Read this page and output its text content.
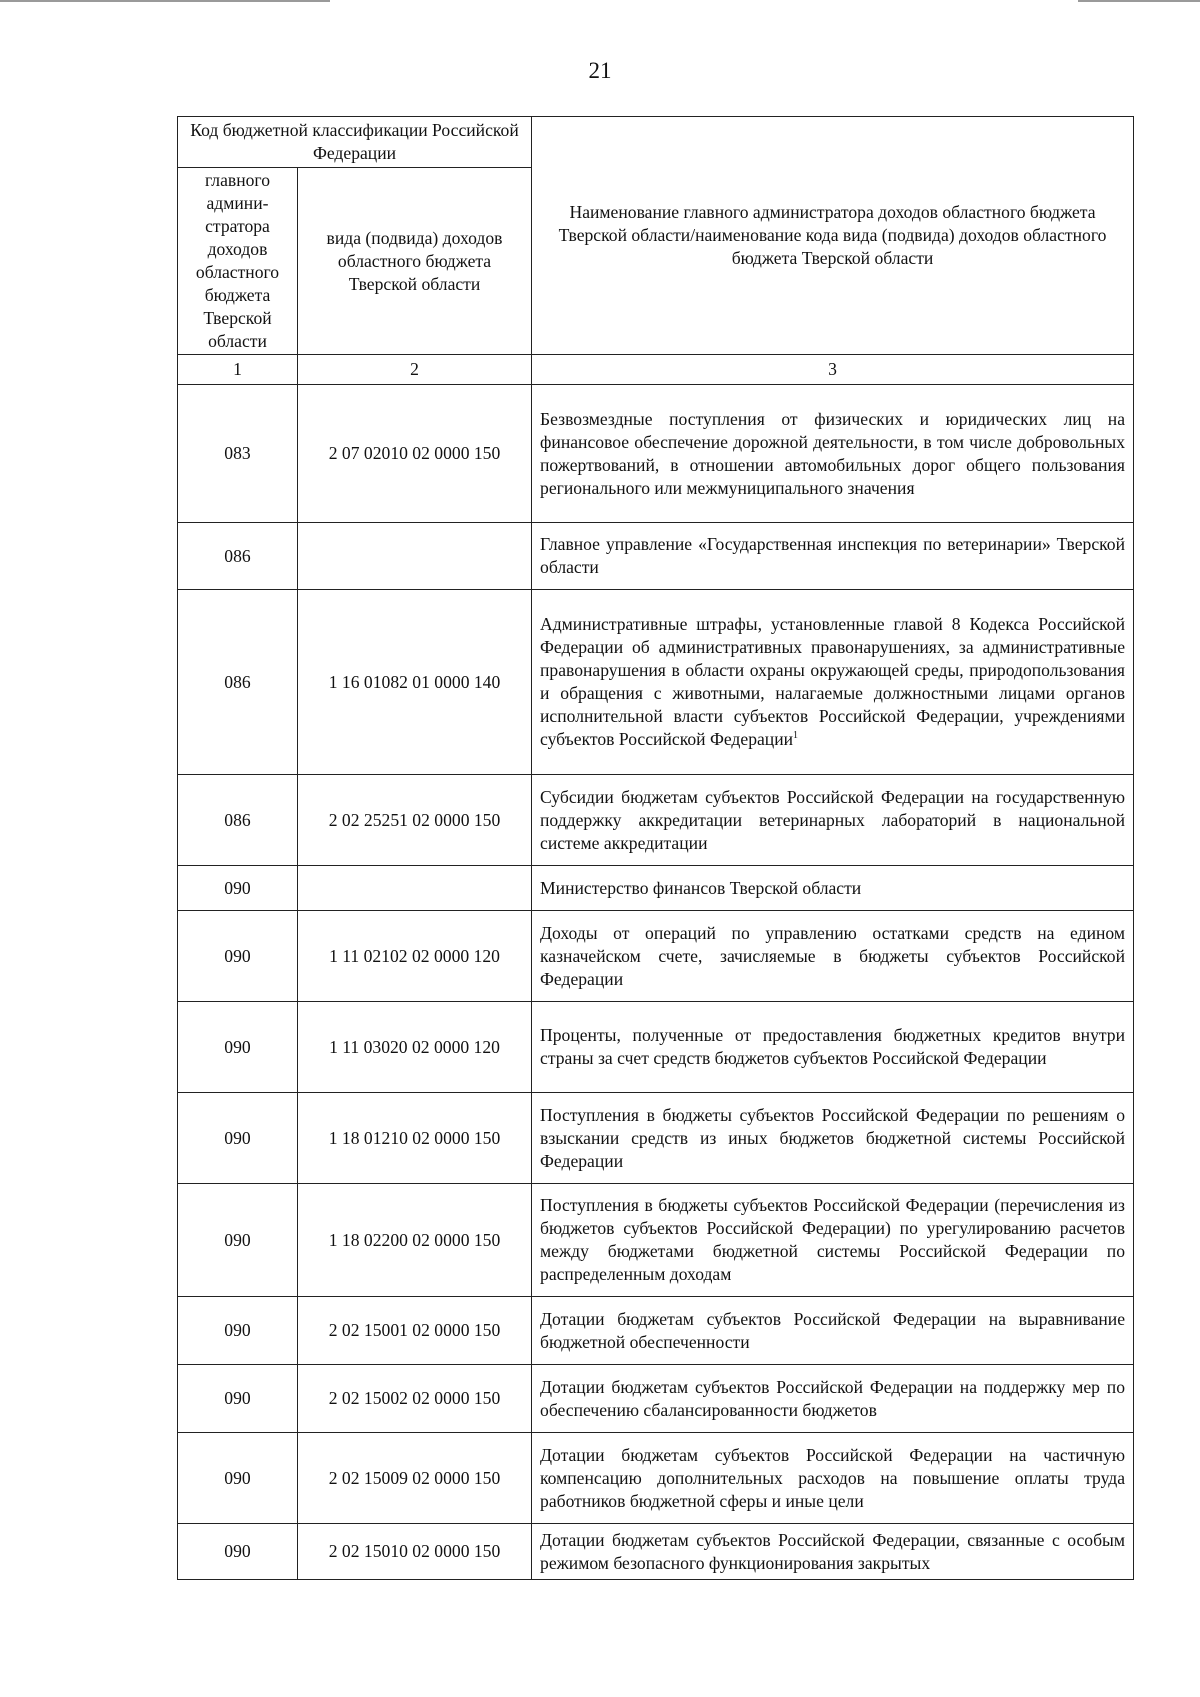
21
Код бюджетной классификации Российской Федерации		Наименование главного администратора доходов областного бюджета Тверской области/наименование кода вида (подвида) доходов областного бюджета Тверской области
главного админи-стратора доходов областного бюджета Тверской области	вида (подвида) доходов областного бюджета Тверской области	
1	2	3
083	2 07 02010 02 0000 150	Безвозмездные поступления от физических и юридических лиц на финансовое обеспечение дорожной деятельности, в том числе добровольных пожертвований, в отношении автомобильных дорог общего пользования регионального или межмуниципального значения
086		Главное управление «Государственная инспекция по ветеринарии» Тверской области
086	1 16 01082 01 0000 140	Административные штрафы, установленные главой 8 Кодекса Российской Федерации об административных правонарушениях, за административные правонарушения в области охраны окружающей среды, природопользования и обращения с животными, налагаемые должностными лицами органов исполнительной власти субъектов Российской Федерации, учреждениями субъектов Российской Федерации$^1$
086	2 02 25251 02 0000 150	Субсидии бюджетам субъектов Российской Федерации на государственную поддержку аккредитации ветеринарных лабораторий в национальной системе аккредитации
090		Министерство финансов Тверской области
090	1 11 02102 02 0000 120	Доходы от операций по управлению остатками средств на едином казначейском счете, зачисляемые в бюджеты субъектов Российской Федерации
090	1 11 03020 02 0000 120	Проценты, полученные от предоставления бюджетных кредитов внутри страны за счет средств бюджетов субъектов Российской Федерации
090	1 18 01210 02 0000 150	Поступления в бюджеты субъектов Российской Федерации по решениям о взыскании средств из иных бюджетов бюджетной системы Российской Федерации
090	1 18 02200 02 0000 150	Поступления в бюджеты субъектов Российской Федерации (перечисления из бюджетов субъектов Российской Федерации) по урегулированию расчетов между бюджетами бюджетной системы Российской Федерации по распределенным доходам
090	2 02 15001 02 0000 150	Дотации бюджетам субъектов Российской Федерации на выравнивание бюджетной обеспеченности
090	2 02 15002 02 0000 150	Дотации бюджетам субъектов Российской Федерации на поддержку мер по обеспечению сбалансированности бюджетов
090	2 02 15009 02 0000 150	Дотации бюджетам субъектов Российской Федерации на частичную компенсацию дополнительных расходов на повышение оплаты труда работников бюджетной сферы и иные цели
090	2 02 15010 02 0000 150	Дотации бюджетам субъектов Российской Федерации, связанные с особым режимом безопасного функционирования закрытых
